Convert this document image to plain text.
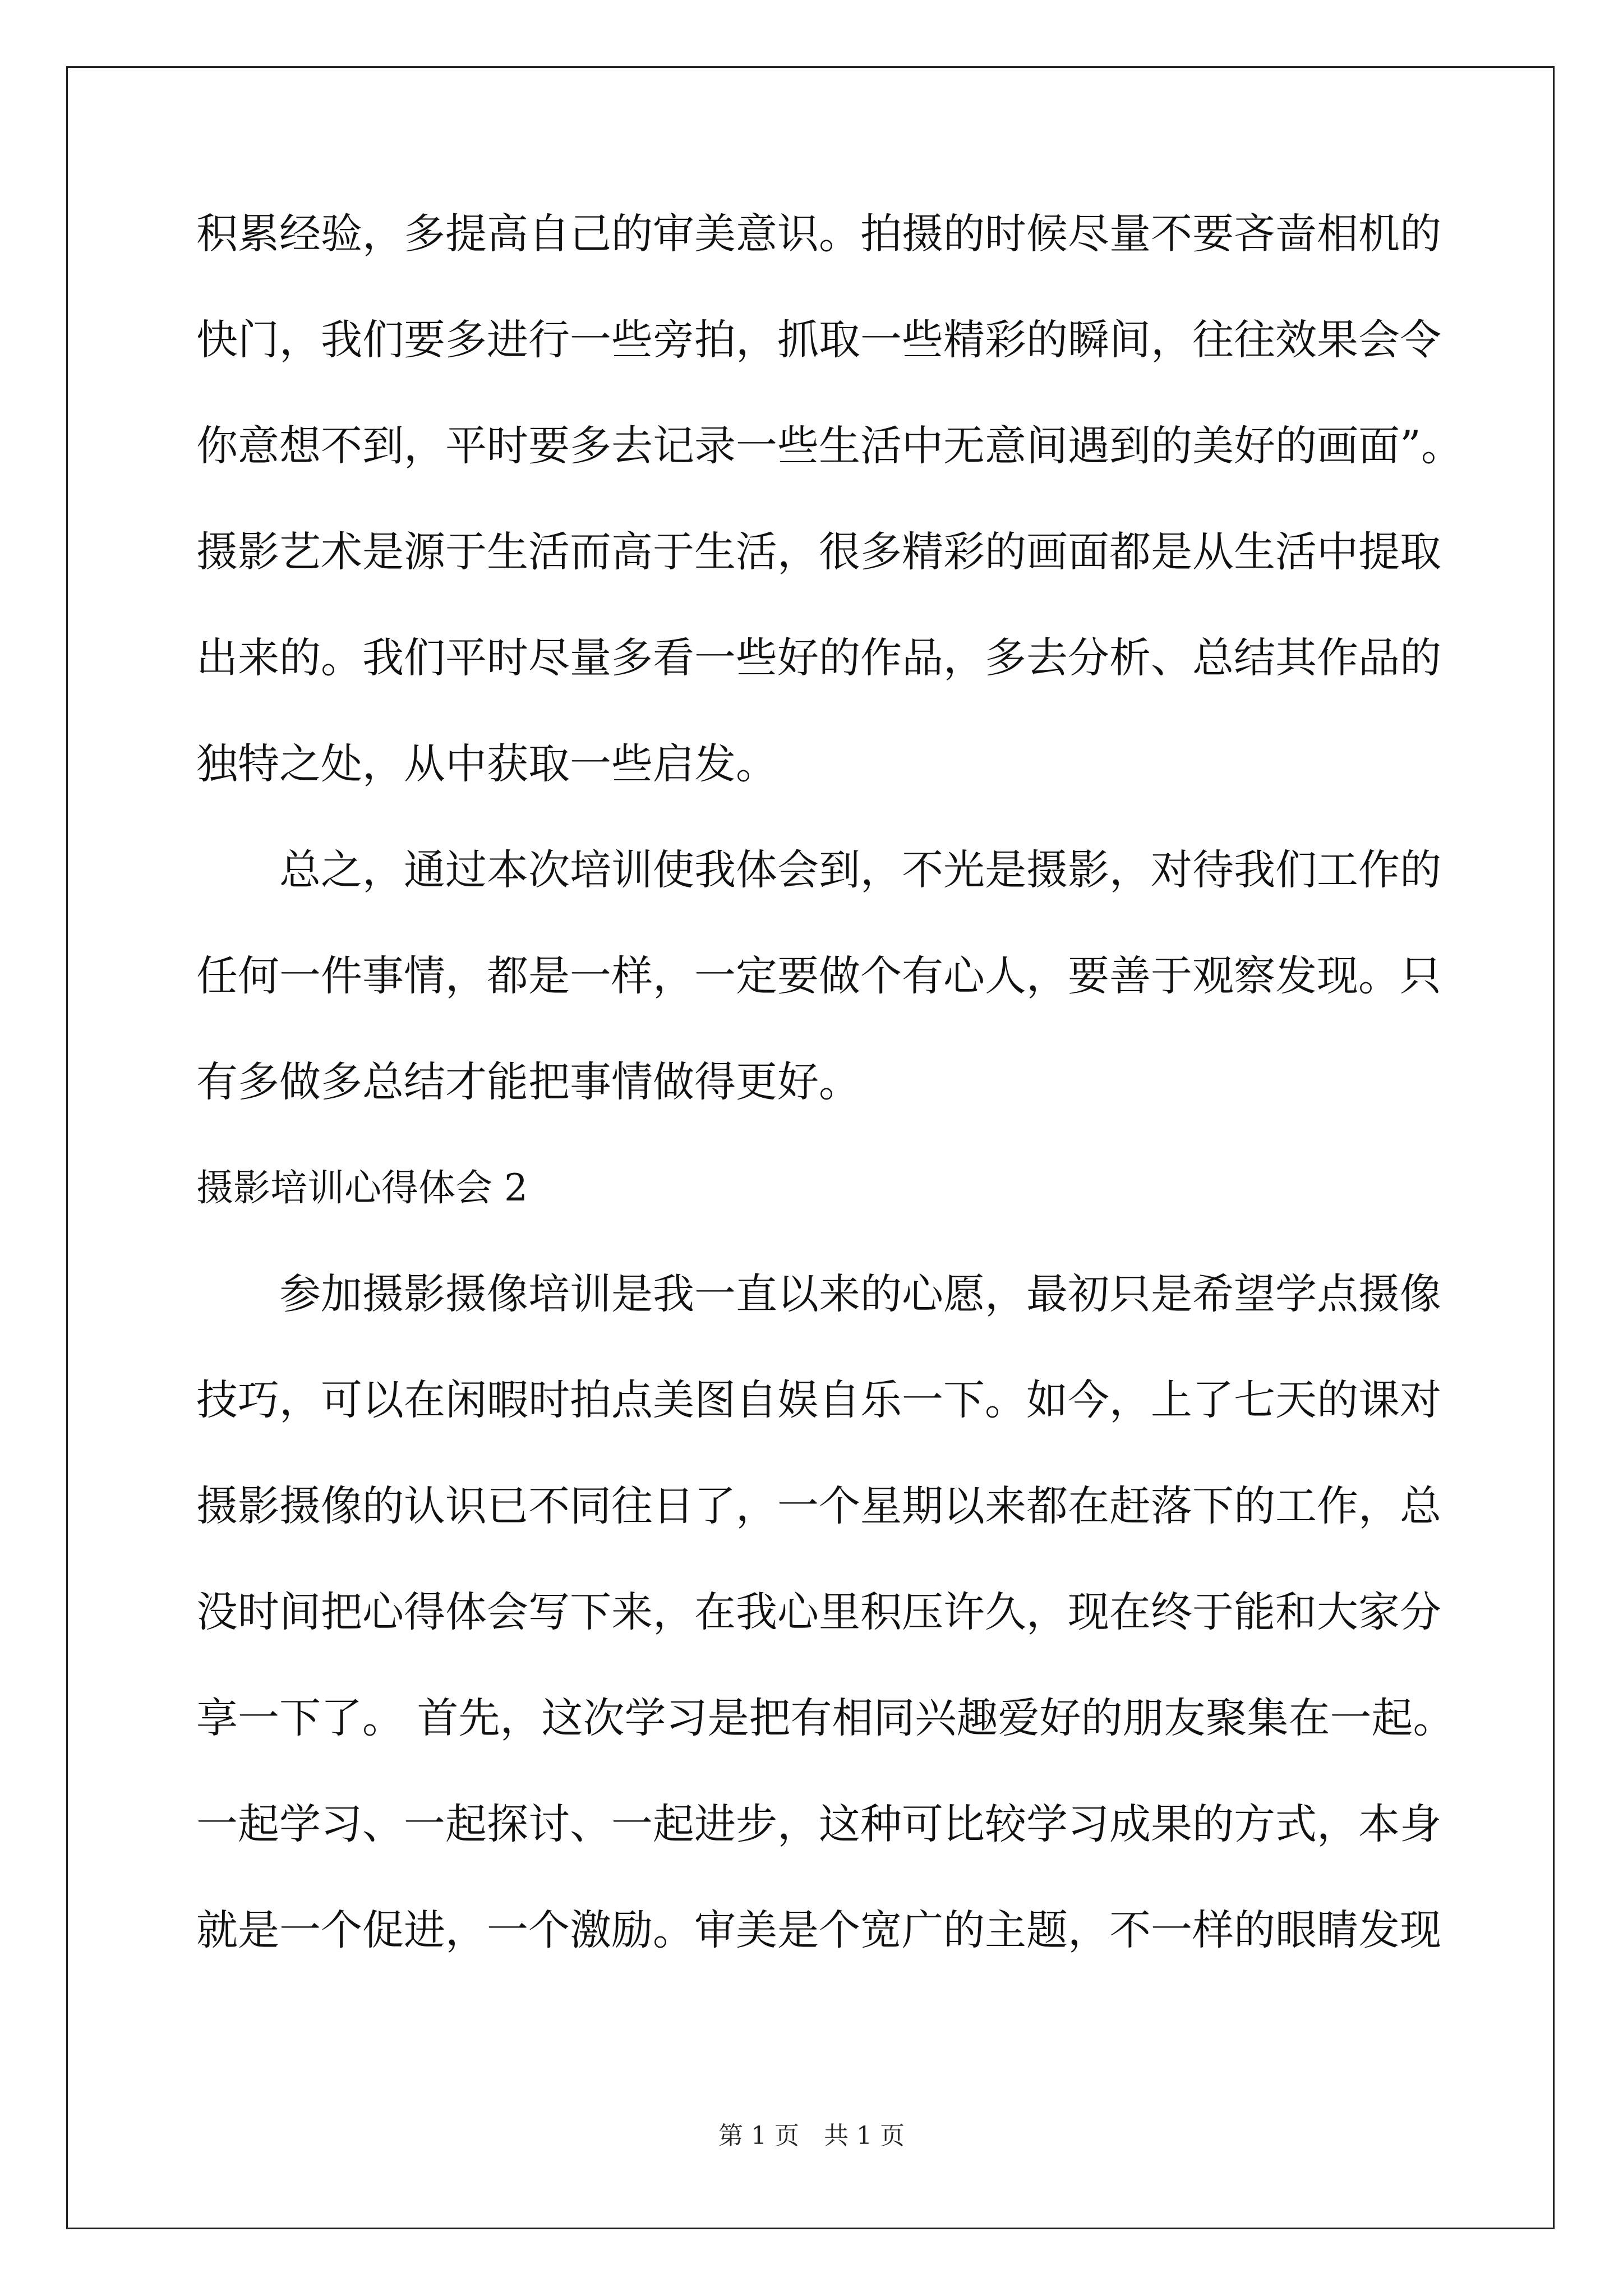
积累经验，多提高自己的审美意识。拍摄的时候尽量不要吝啬相机的
快门，我们要多进行一些旁拍，抓取一些精彩的瞬间，往往效果会令
你意想不到，平时要多去记录一些生活中无意间遇到的美好的画面”。
摄影艺术是源于生活而高于生活，很多精彩的画面都是从生活中提取
出来的。我们平时尽量多看一些好的作品，多去分析、总结其作品的
独特之处，从中获取一些启发。
总之，通过本次培训使我体会到，不光是摄影，对待我们工作的
任何一件事情，都是一样，一定要做个有心人，要善于观察发现。只
有多做多总结才能把事情做得更好。
摄影培训心得体会 2
参加摄影摄像培训是我一直以来的心愿，最初只是希望学点摄像
技巧，可以在闲暇时拍点美图自娱自乐一下。如今，上了七天的课对
摄影摄像的认识已不同往日了，一个星期以来都在赶落下的工作，总
没时间把心得体会写下来，在我心里积压许久，现在终于能和大家分
享一下了。 首先，这次学习是把有相同兴趣爱好的朋友聚集在一起。
一起学习、一起探讨、一起进步，这种可比较学习成果的方式，本身
就是一个促进，一个激励。审美是个宽广的主题，不一样的眼睛发现
第 1 页　共 1 页
